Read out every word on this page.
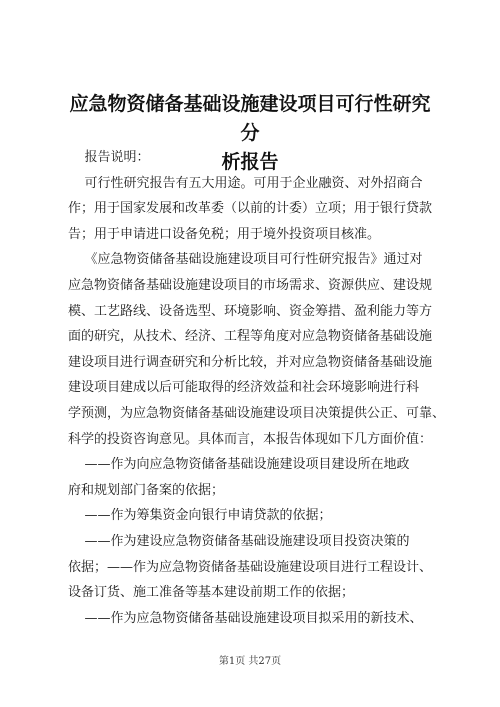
应急物资储备基础设施建设项目可行性研究分
析报告
报告说明：
可行性研究报告有五大用途。可用于企业融资、对外招商合
作；用于国家发展和改革委（以前的计委）立项；用于银行贷款
告；用于申请进口设备免税；用于境外投资项目核准。
《应急物资储备基础设施建设项目可行性研究报告》通过对
应急物资储备基础设施建设项目的市场需求、资源供应、建设规
模、工艺路线、设备选型、环境影响、资金筹措、盈利能力等方
面的研究，从技术、经济、工程等角度对应急物资储备基础设施
建设项目进行调查研究和分析比较，并对应急物资储备基础设施
建设项目建成以后可能取得的经济效益和社会环境影响进行科
学预测，为应急物资储备基础设施建设项目决策提供公正、可靠、
科学的投资咨询意见。具体而言，本报告体现如下几方面价值：
——作为向应急物资储备基础设施建设项目建设所在地政
府和规划部门备案的依据；
——作为筹集资金向银行申请贷款的依据；
——作为建设应急物资储备基础设施建设项目投资决策的
依据；——作为应急物资储备基础设施建设项目进行工程设计、
设备订货、施工准备等基本建设前期工作的依据；
——作为应急物资储备基础设施建设项目拟采用的新技术、
第1页 共27页
